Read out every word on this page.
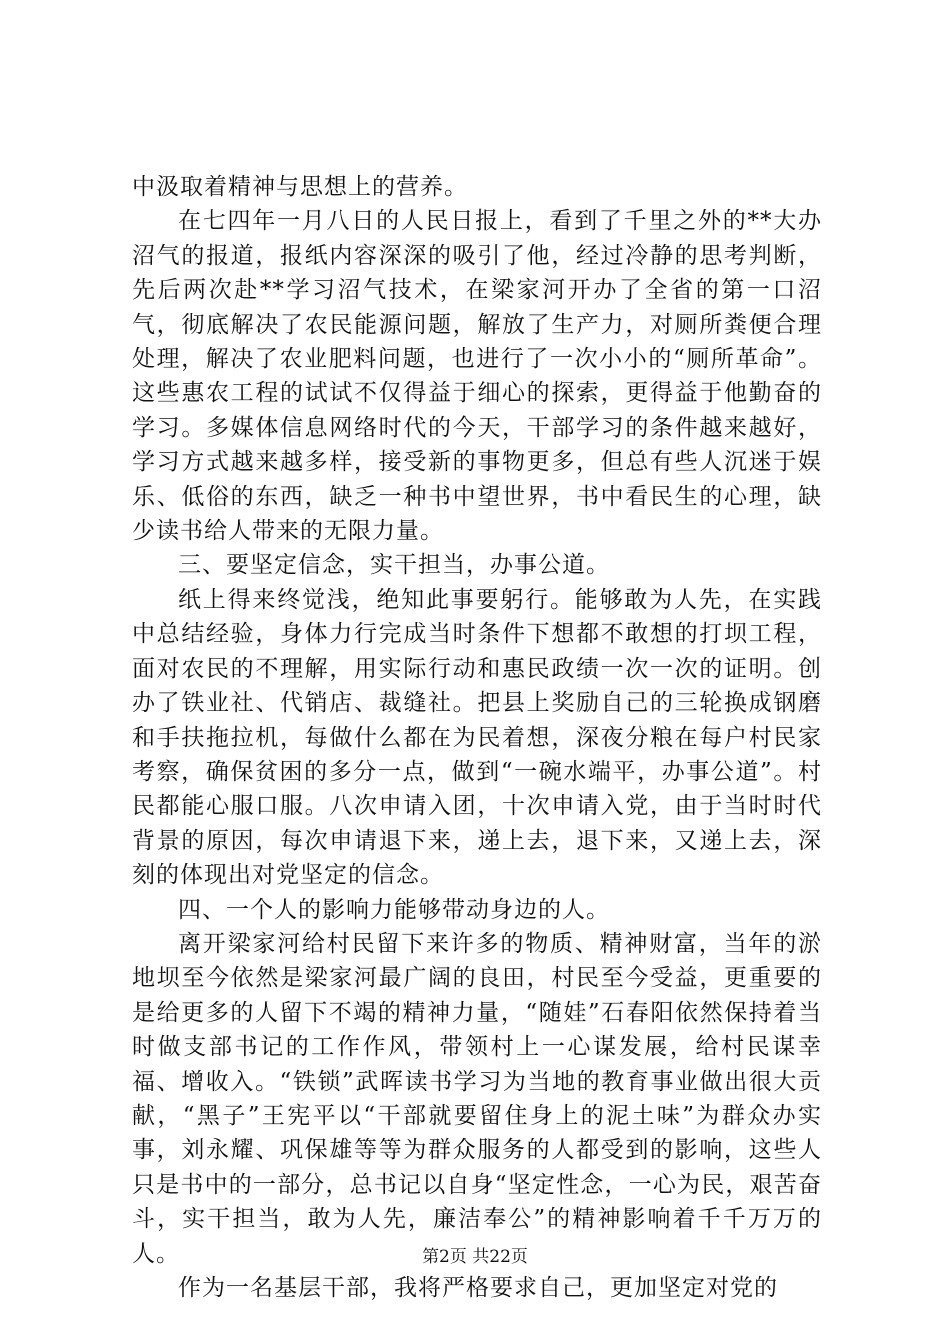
中汲取着精神与思想上的营养。

在七四年一月八日的人民日报上，看到了千里之外的**大办沼气的报道，报纸内容深深的吸引了他，经过冷静的思考判断，先后两次赴**学习沼气技术，在梁家河开办了全省的第一口沼气，彻底解决了农民能源问题，解放了生产力，对厕所粪便合理处理，解决了农业肥料问题，也进行了一次小小的“厕所革命”。这些惠农工程的试试不仅得益于细心的探索，更得益于他勤奋的学习。多媒体信息网络时代的今天，干部学习的条件越来越好，学习方式越来越多样，接受新的事物更多，但总有些人沉迷于娱乐、低俗的东西，缺乏一种书中望世界，书中看民生的心理，缺少读书给人带来的无限力量。

三、要坚定信念，实干担当，办事公道。

纸上得来终觉浅，绝知此事要躬行。能够敢为人先，在实践中总结经验，身体力行完成当时条件下想都不敢想的打坝工程，面对农民的不理解，用实际行动和惠民政绩一次一次的证明。创办了铁业社、代销店、裁缝社。把县上奖励自己的三轮换成钢磨和手扶拖拉机，每做什么都在为民着想，深夜分粮在每户村民家考察，确保贫困的多分一点，做到“一碗水端平，办事公道”。村民都能心服口服。八次申请入团，十次申请入党，由于当时时代背景的原因，每次申请退下来，递上去，退下来，又递上去，深刻的体现出对党坚定的信念。

四、一个人的影响力能够带动身边的人。

离开梁家河给村民留下来许多的物质、精神财富，当年的淤地坝至今依然是梁家河最广阔的良田，村民至今受益，更重要的是给更多的人留下不竭的精神力量，“随娃”石春阳依然保持着当时做支部书记的工作作风，带领村上一心谋发展，给村民谋幸福、增收入。“铁锁”武晖读书学习为当地的教育事业做出很大贡献，“黑子”王宪平以“干部就要留住身上的泥土味”为群众办实事，刘永耀、巩保雄等等为群众服务的人都受到的影响，这些人只是书中的一部分，总书记以自身“坚定性念，一心为民，艰苦奋斗，实干担当，敢为人先，廉洁奉公”的精神影响着千千万万的人。

作为一名基层干部，我将严格要求自己，更加坚定对党的

第2页 共22页
